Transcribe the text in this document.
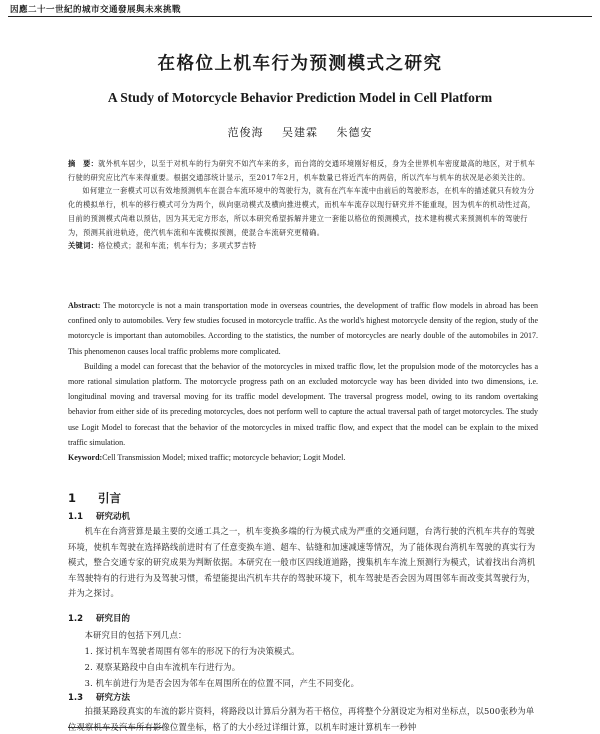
因應二十一世紀的城市交通發展與未來挑戰
在格位上机车行为预测模式之研究
A Study of Motorcycle Behavior Prediction Model in Cell Platform
范俊海 吴建霖 朱德安

摘　要：就外机车居少，以至于对机车的行为研究不如汽车来的多，而台湾的交通环境刚好相反，身为全世界机车密度最高的地区，对于机车行驶的研究应比汽车来得重要。根据交通部统计显示，至2017年2月，机车数量已将近汽车的两倍，所以汽车与机车的状况是必须关注的。

如何建立一套模式可以有效地预测机车在混合车流环境中的驾驶行为，就有在汽车车流中由前后的驾驶形态，在机车的描述就只有较为分化的模拟单行，机车的移行模式可分为两个，纵向驱动模式及横向推进模式，而机车车流存以现行研究并不能重现，因为机车的机动性过高，目前的预测模式尚难以预估，因为其无定方形态，所以本研究希望拆解并建立一套能以格位的预测模式，技术建构模式来预测机车的驾驶行为，预测其前进轨迹，使汽机车流和车流模拟预测，使混合车流研究更精确。

关键词：格位模式；混和车流；机车行为；多项式罗吉特

Abstract: The motorcycle is not a main transportation mode in overseas countries, the development of traffic flow models in abroad has been confined only to automobiles. Very few studies focused in motorcycle traffic. As the world's highest motorcycle density of the region, study of the motorcycle is important than automobiles. According to the statistics, the number of motorcycles are nearly double of the automobiles in 2017. This phenomenon causes local traffic problems more complicated.

Building a model can forecast that the behavior of the motorcycles in mixed traffic flow, let the propulsion mode of the motorcycles has a more rational simulation platform. The motorcycle progress path on an excluded motorcycle way has been divided into two dimensions, i.e. longitudinal moving and traversal moving for its traffic model development. The traversal progress model, owing to its random overtaking behavior from either side of its preceding motorcycles, does not perform well to capture the actual traversal path of target motorcycles. The study use Logit Model to forecast that the behavior of the motorcycles in mixed traffic flow, and expect that the model can be explain to the mixed traffic simulation.

Keyword:Cell Transmission Model; mixed traffic; motorcycle behavior; Logit Model.

1 引言
1.1 研究动机

机车在台湾营算是最主要的交通工具之一，机车变换多端的行为模式成为严重的交通问题，台湾行驶的汽机车共存的驾驶环境，使机车驾驶在选择路线前进时有了任意变换车道、超车、钻缝和加速减速等情况，为了能体现台湾机车驾驶的真实行为模式，整合交通专家的研究成果为判断依据。本研究在一般市区四线道道路，搜集机车车流上预测行为模式，试着找出台湾机车驾驶特有的行进行为及驾驶习惯，希望能提出汽机车共存的驾驶环境下，机车驾驶是否会因为周围邻车而改变其驾驶行为，并为之探讨。

1.2 研究目的

本研究目的包括下列几点：

1. 探讨机车驾驶者周围有邻车的形况下的行为决策模式。

2. 观察某路段中自由车流机车行进行为。

3. 机车前进行为是否会因为邻车在周围所在的位置不同，产生不同变化。

1.3 研究方法

拍摄某路段真实的车流的影片资料，将路段以计算后分割为若干格位，再将整个分割设定为相对坐标点，以500张秒为单位观察机车及汽车所有影像位置坐标，格了的大小经过详细计算，以机车时速计算机车一秒钟
